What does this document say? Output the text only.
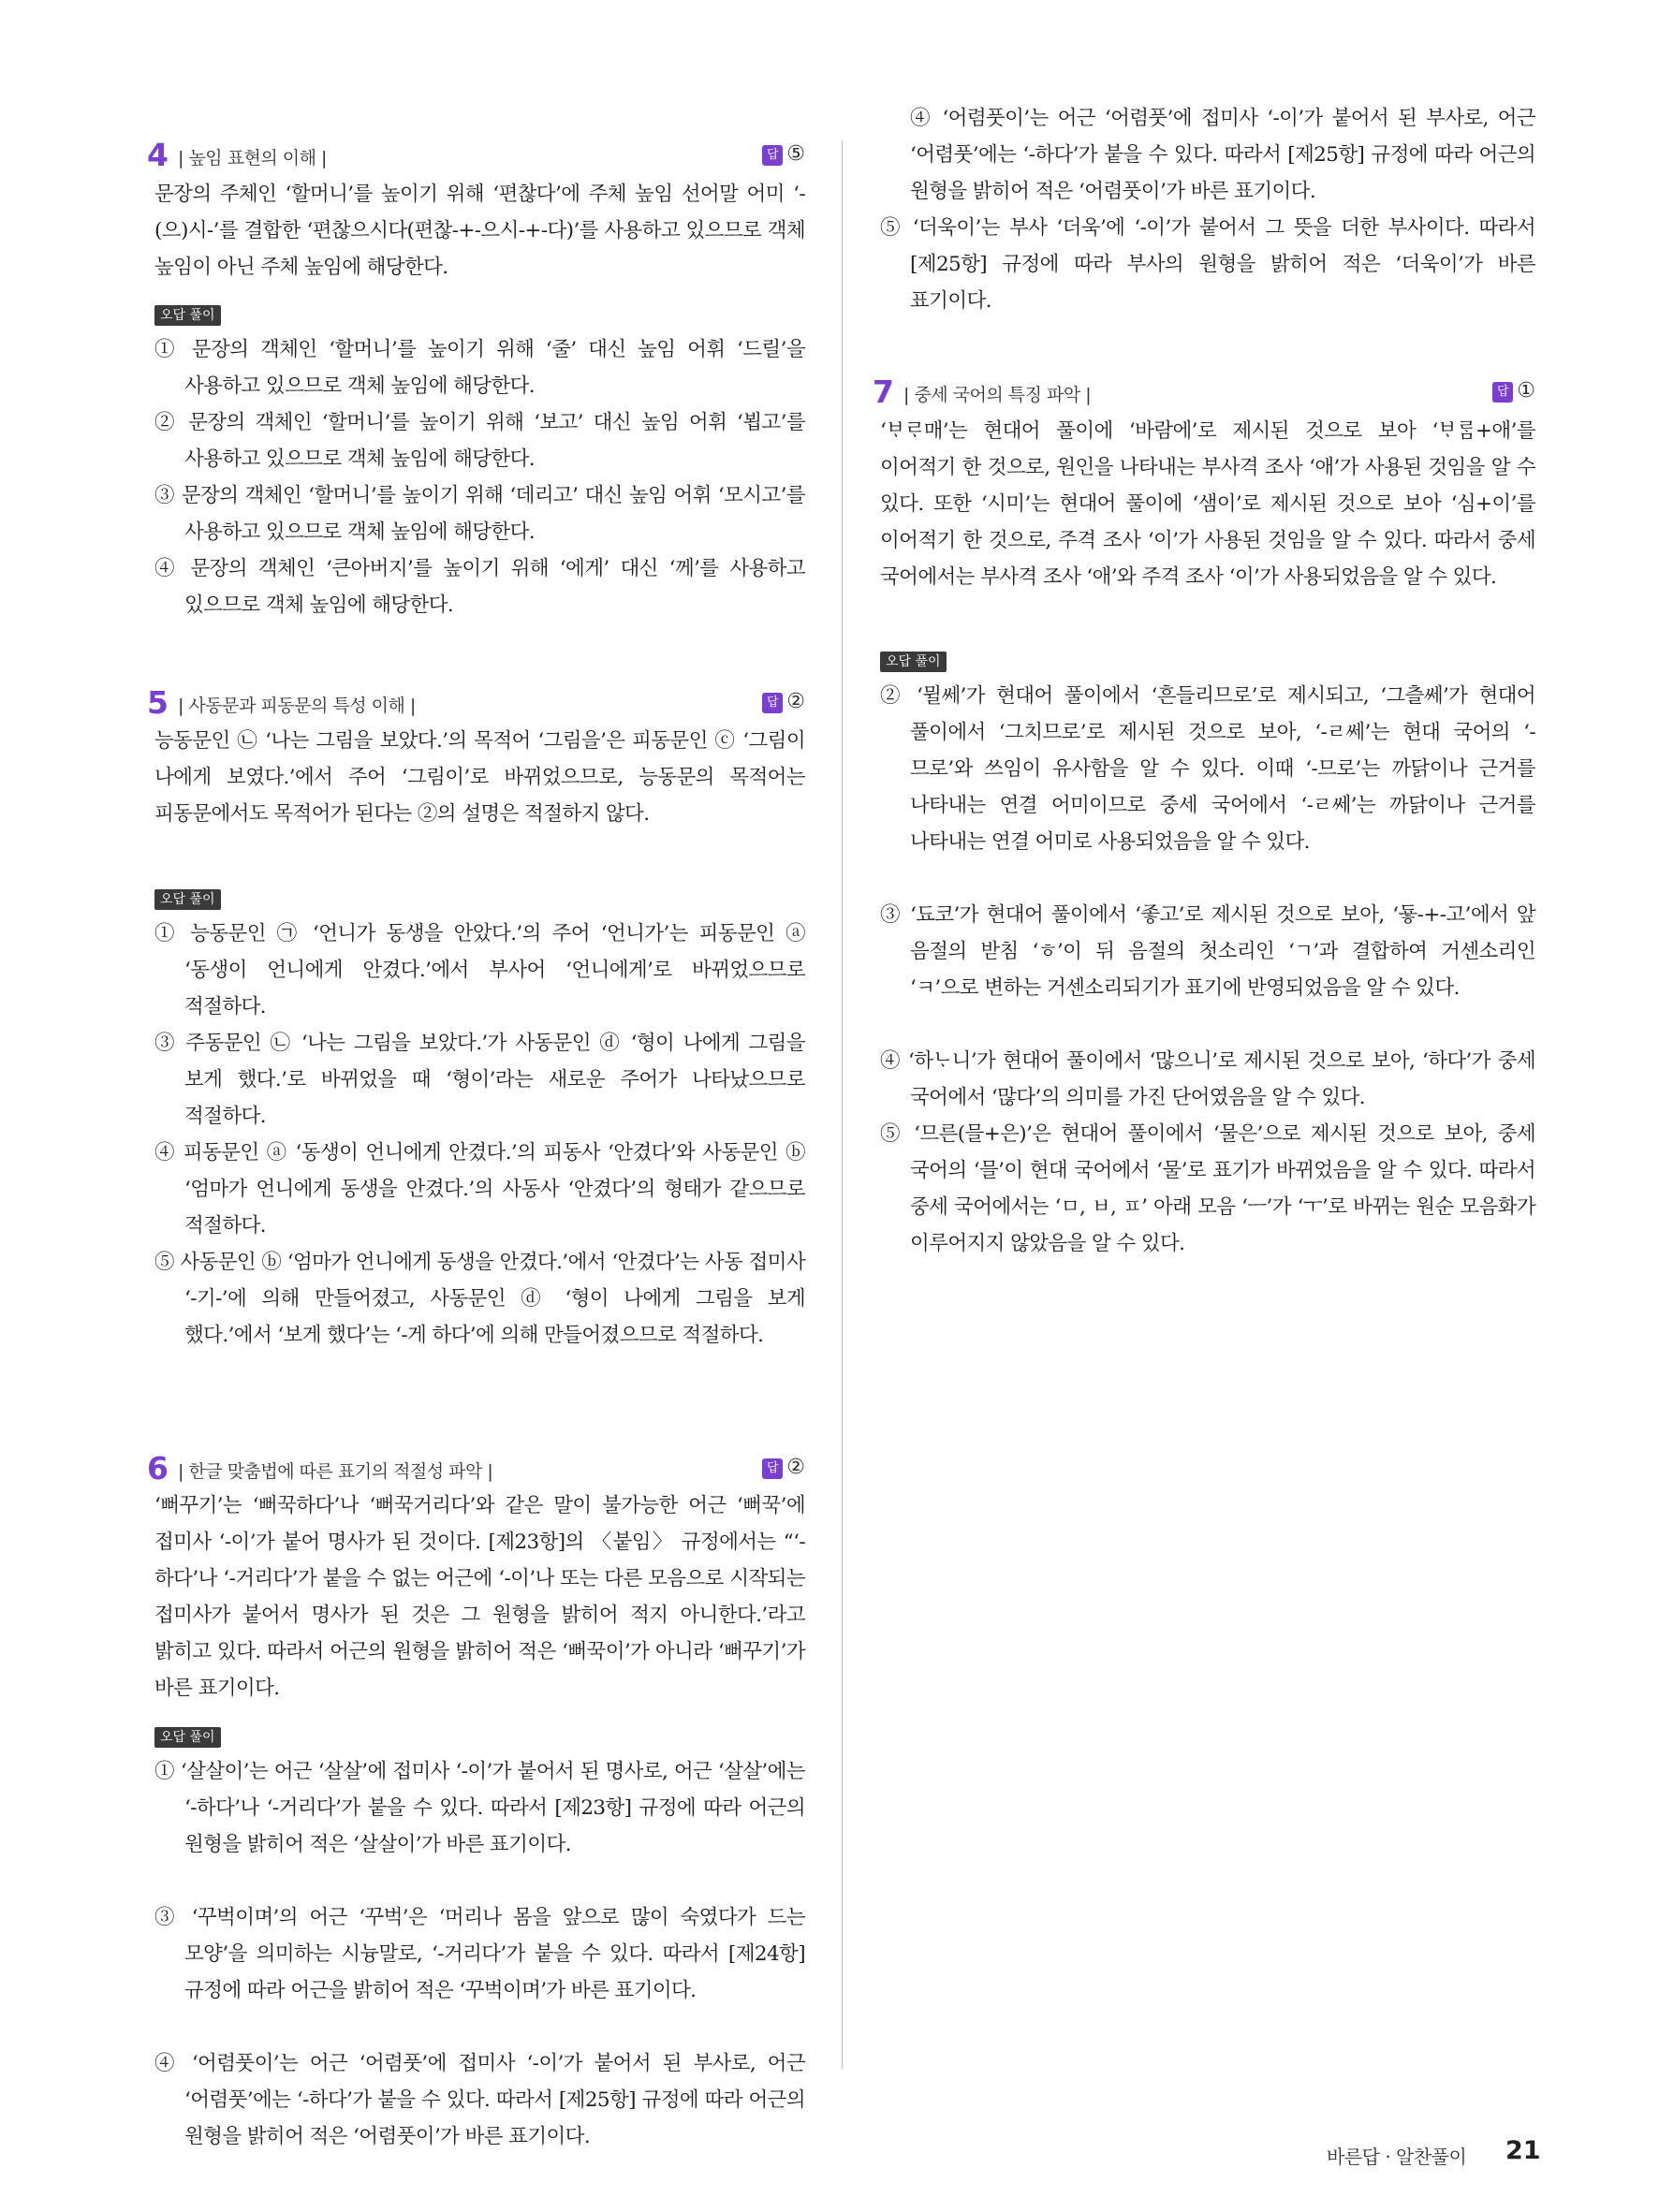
4 | 높임 표현의 이해 |	답 ⑤
문장의 주체인 ‘할머니’를 높이기 위해 ‘편찮다’에 주체 높임 선어말 어미 ‘-(으)시-’를 결합한 ‘편찮으시다(편찮-+-으시-+-다)’를 사용하고 있으므로 객체 높임이 아닌 주체 높임에 해당한다.
오답 풀이
① 문장의 객체인 ‘할머니’를 높이기 위해 ‘줄’ 대신 높임 어휘 ‘드릴’을 사용하고 있으므로 객체 높임에 해당한다.
② 문장의 객체인 ‘할머니’를 높이기 위해 ‘보고’ 대신 높임 어휘 ‘뵙고’를 사용하고 있으므로 객체 높임에 해당한다.
③ 문장의 객체인 ‘할머니’를 높이기 위해 ‘데리고’ 대신 높임 어휘 ‘모시고’를 사용하고 있으므로 객체 높임에 해당한다.
④ 문장의 객체인 ‘큰아버지’를 높이기 위해 ‘에게’ 대신 ‘께’를 사용하고 있으므로 객체 높임에 해당한다.
5 | 사동문과 피동문의 특성 이해 |	답 ②
능동문인 ㉡ ‘나는 그림을 보았다.’의 목적어 ‘그림을’은 피동문인 ⓒ ‘그림이 나에게 보였다.’에서 주어 ‘그림이’로 바뀌었으므로, 능동문의 목적어는 피동문에서도 목적어가 된다는 ②의 설명은 적절하지 않다.
오답 풀이
① 능동문인 ㉠ ‘언니가 동생을 안았다.’의 주어 ‘언니가’는 피동문인 ⓐ ‘동생이 언니에게 안겼다.’에서 부사어 ‘언니에게’로 바뀌었으므로 적절하다.
③ 주동문인 ㉡ ‘나는 그림을 보았다.’가 사동문인 ⓓ ‘형이 나에게 그림을 보게 했다.’로 바뀌었을 때 ‘형이’라는 새로운 주어가 나타났으므로 적절하다.
④ 피동문인 ⓐ ‘동생이 언니에게 안겼다.’의 피동사 ‘안겼다’와 사동문인 ⓑ ‘엄마가 언니에게 동생을 안겼다.’의 사동사 ‘안겼다’의 형태가 같으므로 적절하다.
⑤ 사동문인 ⓑ ‘엄마가 언니에게 동생을 안겼다.’에서 ‘안겼다’는 사동 접미사 ‘-기-’에 의해 만들어졌고, 사동문인 ⓓ ‘형이 나에게 그림을 보게 했다.’에서 ‘보게 했다’는 ‘-게 하다’에 의해 만들어졌으므로 적절하다.
6 | 한글 맞춤법에 따른 표기의 적절성 파악 |	답 ②
‘뻐꾸기’는 ‘뻐꾹하다’나 ‘뻐꾹거리다’와 같은 말이 불가능한 어근 ‘뻐꾹’에 접미사 ‘-이’가 붙어 명사가 된 것이다. [제23항]의 〈붙임〉 규정에서는 “‘-하다’나 ‘-거리다’가 붙을 수 없는 어근에 ‘-이’나 또는 다른 모음으로 시작되는 접미사가 붙어서 명사가 된 것은 그 원형을 밝히어 적지 아니한다.’라고 밝히고 있다. 따라서 어근의 원형을 밝히어 적은 ‘뻐꾹이’가 아니라 ‘뻐꾸기’가 바른 표기이다.
오답 풀이
① ‘살살이’는 어근 ‘살살’에 접미사 ‘-이’가 붙어서 된 명사로, 어근 ‘살살’에는 ‘-하다’나 ‘-거리다’가 붙을 수 있다. 따라서 [제23항] 규정에 따라 어근의 원형을 밝히어 적은 ‘살살이’가 바른 표기이다.
③ ‘꾸벅이며’의 어근 ‘꾸벅’은 ‘머리나 몸을 앞으로 많이 숙였다가 드는 모양’을 의미하는 시늉말로, ‘-거리다’가 붙을 수 있다. 따라서 [제24항] 규정에 따라 어근을 밝히어 적은 ‘꾸벅이며’가 바른 표기이다.
④ ‘어렴풋이’는 어근 ‘어렴풋’에 접미사 ‘-이’가 붙어서 된 부사로, 어근 ‘어렴풋’에는 ‘-하다’가 붙을 수 있다. 따라서 [제25항] 규정에 따라 어근의 원형을 밝히어 적은 ‘어렴풋이’가 바른 표기이다.
④ ‘어렴풋이’는 어근 ‘어렴풋’에 접미사 ‘-이’가 붙어서 된 부사로, 어근 ‘어렴풋’에는 ‘-하다’가 붙을 수 있다. 따라서 [제25항] 규정에 따라 어근의 원형을 밝히어 적은 ‘어렴풋이’가 바른 표기이다.
⑤ ‘더욱이’는 부사 ‘더욱’에 ‘-이’가 붙어서 그 뜻을 더한 부사이다. 따라서 [제25항] 규정에 따라 부사의 원형을 밝히어 적은 ‘더욱이’가 바른 표기이다.
7 | 중세 국어의 특징 파악 |	답 ①
‘ᄇᆞᄅᆞ매’는 현대어 풀이에 ‘바람에’로 제시된 것으로 보아 ‘ᄇᆞᄅᆞᆷ+애’를 이어적기 한 것으로, 원인을 나타내는 부사격 조사 ‘애’가 사용된 것임을 알 수 있다. 또한 ‘시미’는 현대어 풀이에 ‘샘이’로 제시된 것으로 보아 ‘심+이’를 이어적기 한 것으로, 주격 조사 ‘이’가 사용된 것임을 알 수 있다. 따라서 중세 국어에서는 부사격 조사 ‘애’와 주격 조사 ‘이’가 사용되었음을 알 수 있다.
오답 풀이
② ‘뮐쎄’가 현대어 풀이에서 ‘흔들리므로’로 제시되고, ‘그츨쎄’가 현대어 풀이에서 ‘그치므로’로 제시된 것으로 보아, ‘-ㄹ쎄’는 현대 국어의 ‘-므로’와 쓰임이 유사함을 알 수 있다. 이때 ‘-므로’는 까닭이나 근거를 나타내는 연결 어미이므로 중세 국어에서 ‘-ㄹ쎄’는 까닭이나 근거를 나타내는 연결 어미로 사용되었음을 알 수 있다.
③ ‘됴코’가 현대어 풀이에서 ‘좋고’로 제시된 것으로 보아, ‘둏-+-고’에서 앞 음절의 받침 ‘ㅎ’이 뒤 음절의 첫소리인 ‘ㄱ’과 결합하여 거센소리인 ‘ㅋ’으로 변하는 거센소리되기가 표기에 반영되었음을 알 수 있다.
④ ‘하ᄂᆞ니’가 현대어 풀이에서 ‘많으니’로 제시된 것으로 보아, ‘하다’가 중세 국어에서 ‘많다’의 의미를 가진 단어였음을 알 수 있다.
⑤ ‘므른(믈+은)’은 현대어 풀이에서 ‘물은’으로 제시된 것으로 보아, 중세 국어의 ‘믈’이 현대 국어에서 ‘물’로 표기가 바뀌었음을 알 수 있다. 따라서 중세 국어에서는 ‘ㅁ, ㅂ, ㅍ’ 아래 모음 ‘ㅡ’가 ‘ㅜ’로 바뀌는 원순 모음화가 이루어지지 않았음을 알 수 있다.
바른답 · 알찬풀이 21
